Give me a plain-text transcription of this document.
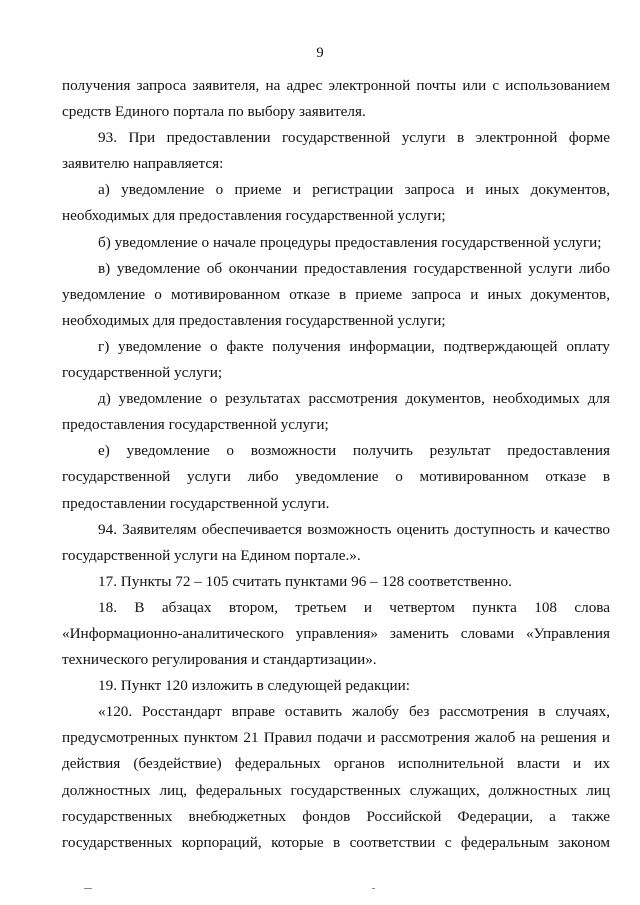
9

получения запроса заявителя, на адрес электронной почты или с использованием средств Единого портала по выбору заявителя.

93. При предоставлении государственной услуги в электронной форме заявителю направляется:

а) уведомление о приеме и регистрации запроса и иных документов, необходимых для предоставления государственной услуги;

б) уведомление о начале процедуры предоставления государственной услуги;

в) уведомление об окончании предоставления государственной услуги либо уведомление о мотивированном отказе в приеме запроса и иных документов, необходимых для предоставления государственной услуги;

г) уведомление о факте получения информации, подтверждающей оплату государственной услуги;

д) уведомление о результатах рассмотрения документов, необходимых для предоставления государственной услуги;

е) уведомление о возможности получить результат предоставления государственной услуги либо уведомление о мотивированном отказе в предоставлении государственной услуги.

94. Заявителям обеспечивается возможность оценить доступность и качество государственной услуги на Едином портале.».

17. Пункты 72 – 105 считать пунктами 96 – 128 соответственно.

18. В абзацах втором, третьем и четвертом пункта 108 слова «Информационно-аналитического управления» заменить словами «Управления технического регулирования и стандартизации».

19. Пункт 120 изложить в следующей редакции:

«120. Росстандарт вправе оставить жалобу без рассмотрения в случаях, предусмотренных пунктом 21 Правил подачи и рассмотрения жалоб на решения и действия (бездействие) федеральных органов исполнительной власти и их должностных лиц, федеральных государственных служащих, должностных лиц государственных внебюджетных фондов Российской Федерации, а также государственных корпораций, которые в соответствии с федеральным законом
